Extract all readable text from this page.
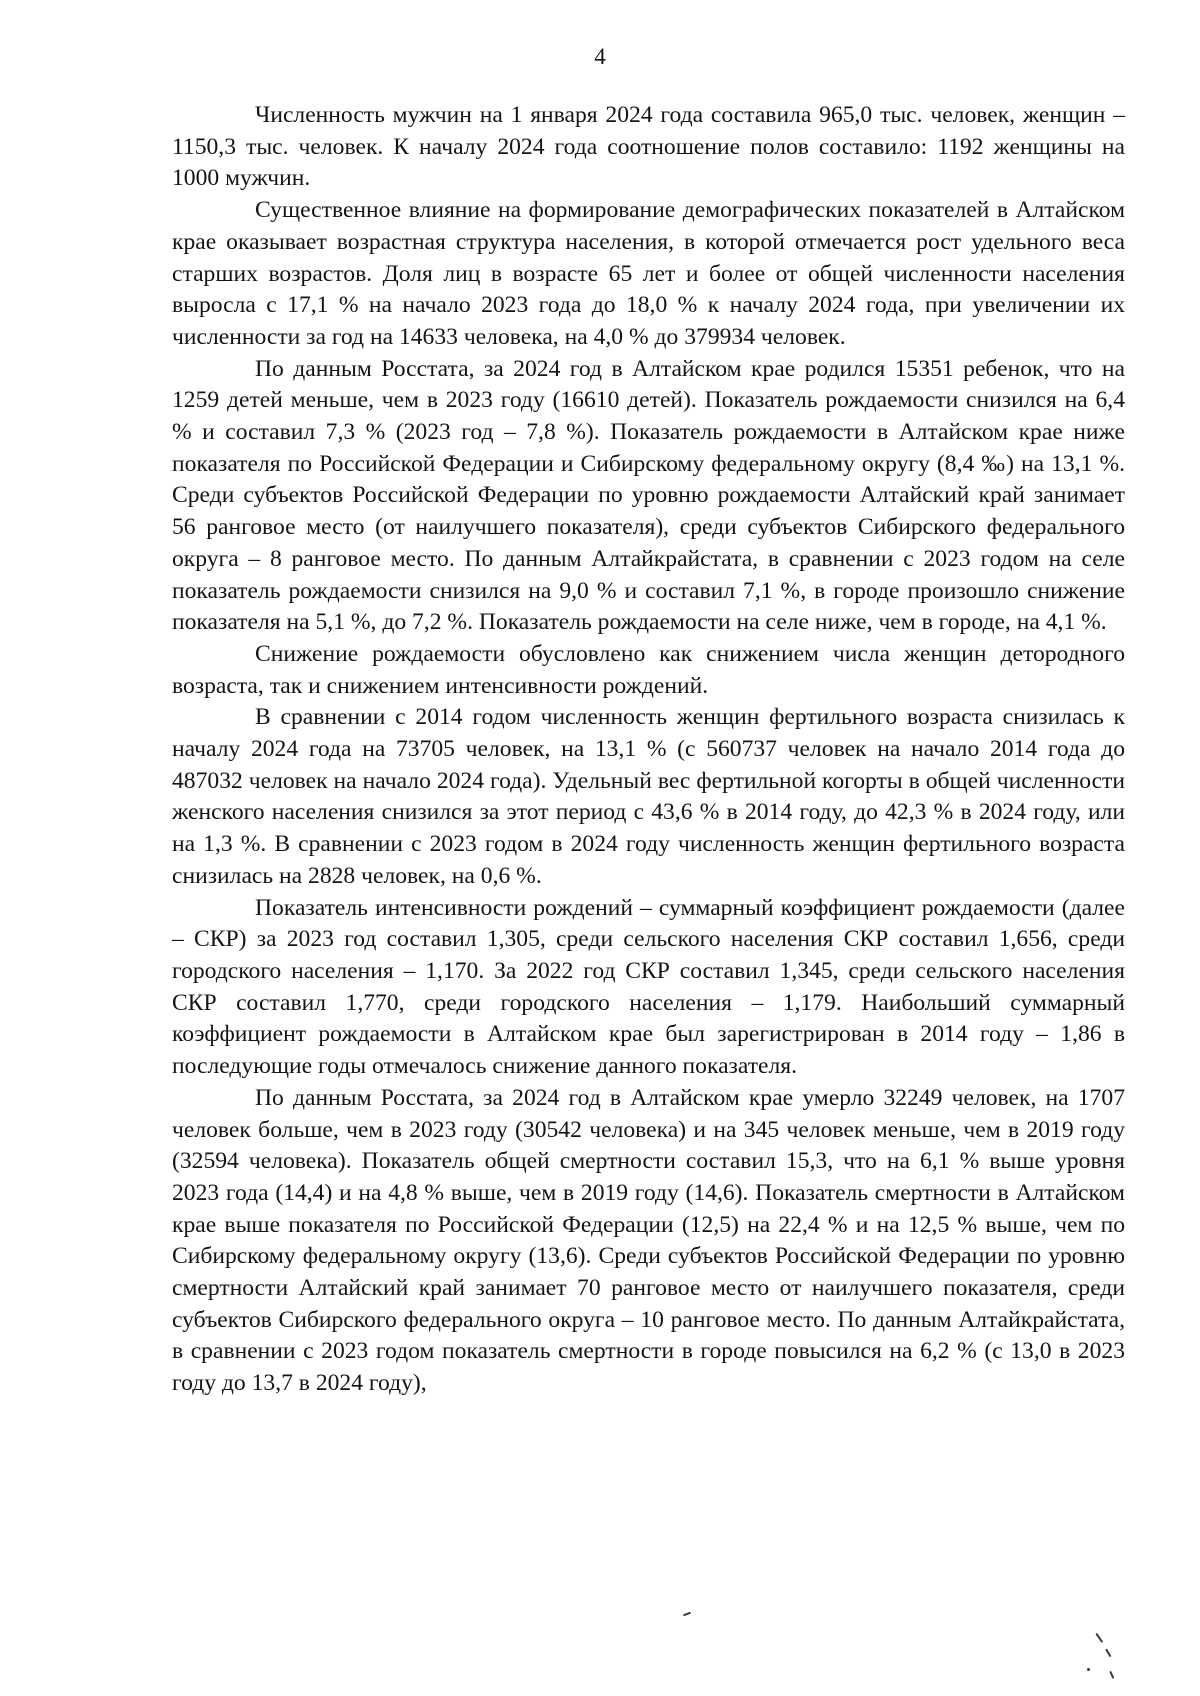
4

Численность мужчин на 1 января 2024 года составила 965,0 тыс. человек, женщин – 1150,3 тыс. человек. К началу 2024 года соотношение полов составило: 1192 женщины на 1000 мужчин.

Существенное влияние на формирование демографических показателей в Алтайском крае оказывает возрастная структура населения, в которой отмечается рост удельного веса старших возрастов. Доля лиц в возрасте 65 лет и более от общей численности населения выросла с 17,1 % на начало 2023 года до 18,0 % к началу 2024 года, при увеличении их численности за год на 14633 человека, на 4,0 % до 379934 человек.

По данным Росстата, за 2024 год в Алтайском крае родился 15351 ребенок, что на 1259 детей меньше, чем в 2023 году (16610 детей). Показатель рождаемости снизился на 6,4 % и составил 7,3 % (2023 год – 7,8 %). Показатель рождаемости в Алтайском крае ниже показателя по Российской Федерации и Сибирскому федеральному округу (8,4 ‰) на 13,1 %. Среди субъектов Российской Федерации по уровню рождаемости Алтайский край занимает 56 ранговое место (от наилучшего показателя), среди субъектов Сибирского федерального округа – 8 ранговое место. По данным Алтайкрайстата, в сравнении с 2023 годом на селе показатель рождаемости снизился на 9,0 % и составил 7,1 %, в городе произошло снижение показателя на 5,1 %, до 7,2 %. Показатель рождаемости на селе ниже, чем в городе, на 4,1 %.

Снижение рождаемости обусловлено как снижением числа женщин детородного возраста, так и снижением интенсивности рождений.

В сравнении с 2014 годом численность женщин фертильного возраста снизилась к началу 2024 года на 73705 человек, на 13,1 % (с 560737 человек на начало 2014 года до 487032 человек на начало 2024 года). Удельный вес фертильной когорты в общей численности женского населения снизился за этот период с 43,6 % в 2014 году, до 42,3 % в 2024 году, или на 1,3 %. В сравнении с 2023 годом в 2024 году численность женщин фертильного возраста снизилась на 2828 человек, на 0,6 %.

Показатель интенсивности рождений – суммарный коэффициент рождаемости (далее – СКР) за 2023 год составил 1,305, среди сельского населения СКР составил 1,656, среди городского населения – 1,170. За 2022 год СКР составил 1,345, среди сельского населения СКР составил 1,770, среди городского населения – 1,179. Наибольший суммарный коэффициент рождаемости в Алтайском крае был зарегистрирован в 2014 году – 1,86 в последующие годы отмечалось снижение данного показателя.

По данным Росстата, за 2024 год в Алтайском крае умерло 32249 человек, на 1707 человек больше, чем в 2023 году (30542 человека) и на 345 человек меньше, чем в 2019 году (32594 человека). Показатель общей смертности составил 15,3, что на 6,1 % выше уровня 2023 года (14,4) и на 4,8 % выше, чем в 2019 году (14,6). Показатель смертности в Алтайском крае выше показателя по Российской Федерации (12,5) на 22,4 % и на 12,5 % выше, чем по Сибирскому федеральному округу (13,6). Среди субъектов Российской Федерации по уровню смертности Алтайский край занимает 70 ранговое место от наилучшего показателя, среди субъектов Сибирского федерального округа – 10 ранговое место. По данным Алтайкрайстата, в сравнении с 2023 годом показатель смертности в городе повысился на 6,2 % (с 13,0 в 2023 году до 13,7 в 2024 году),
